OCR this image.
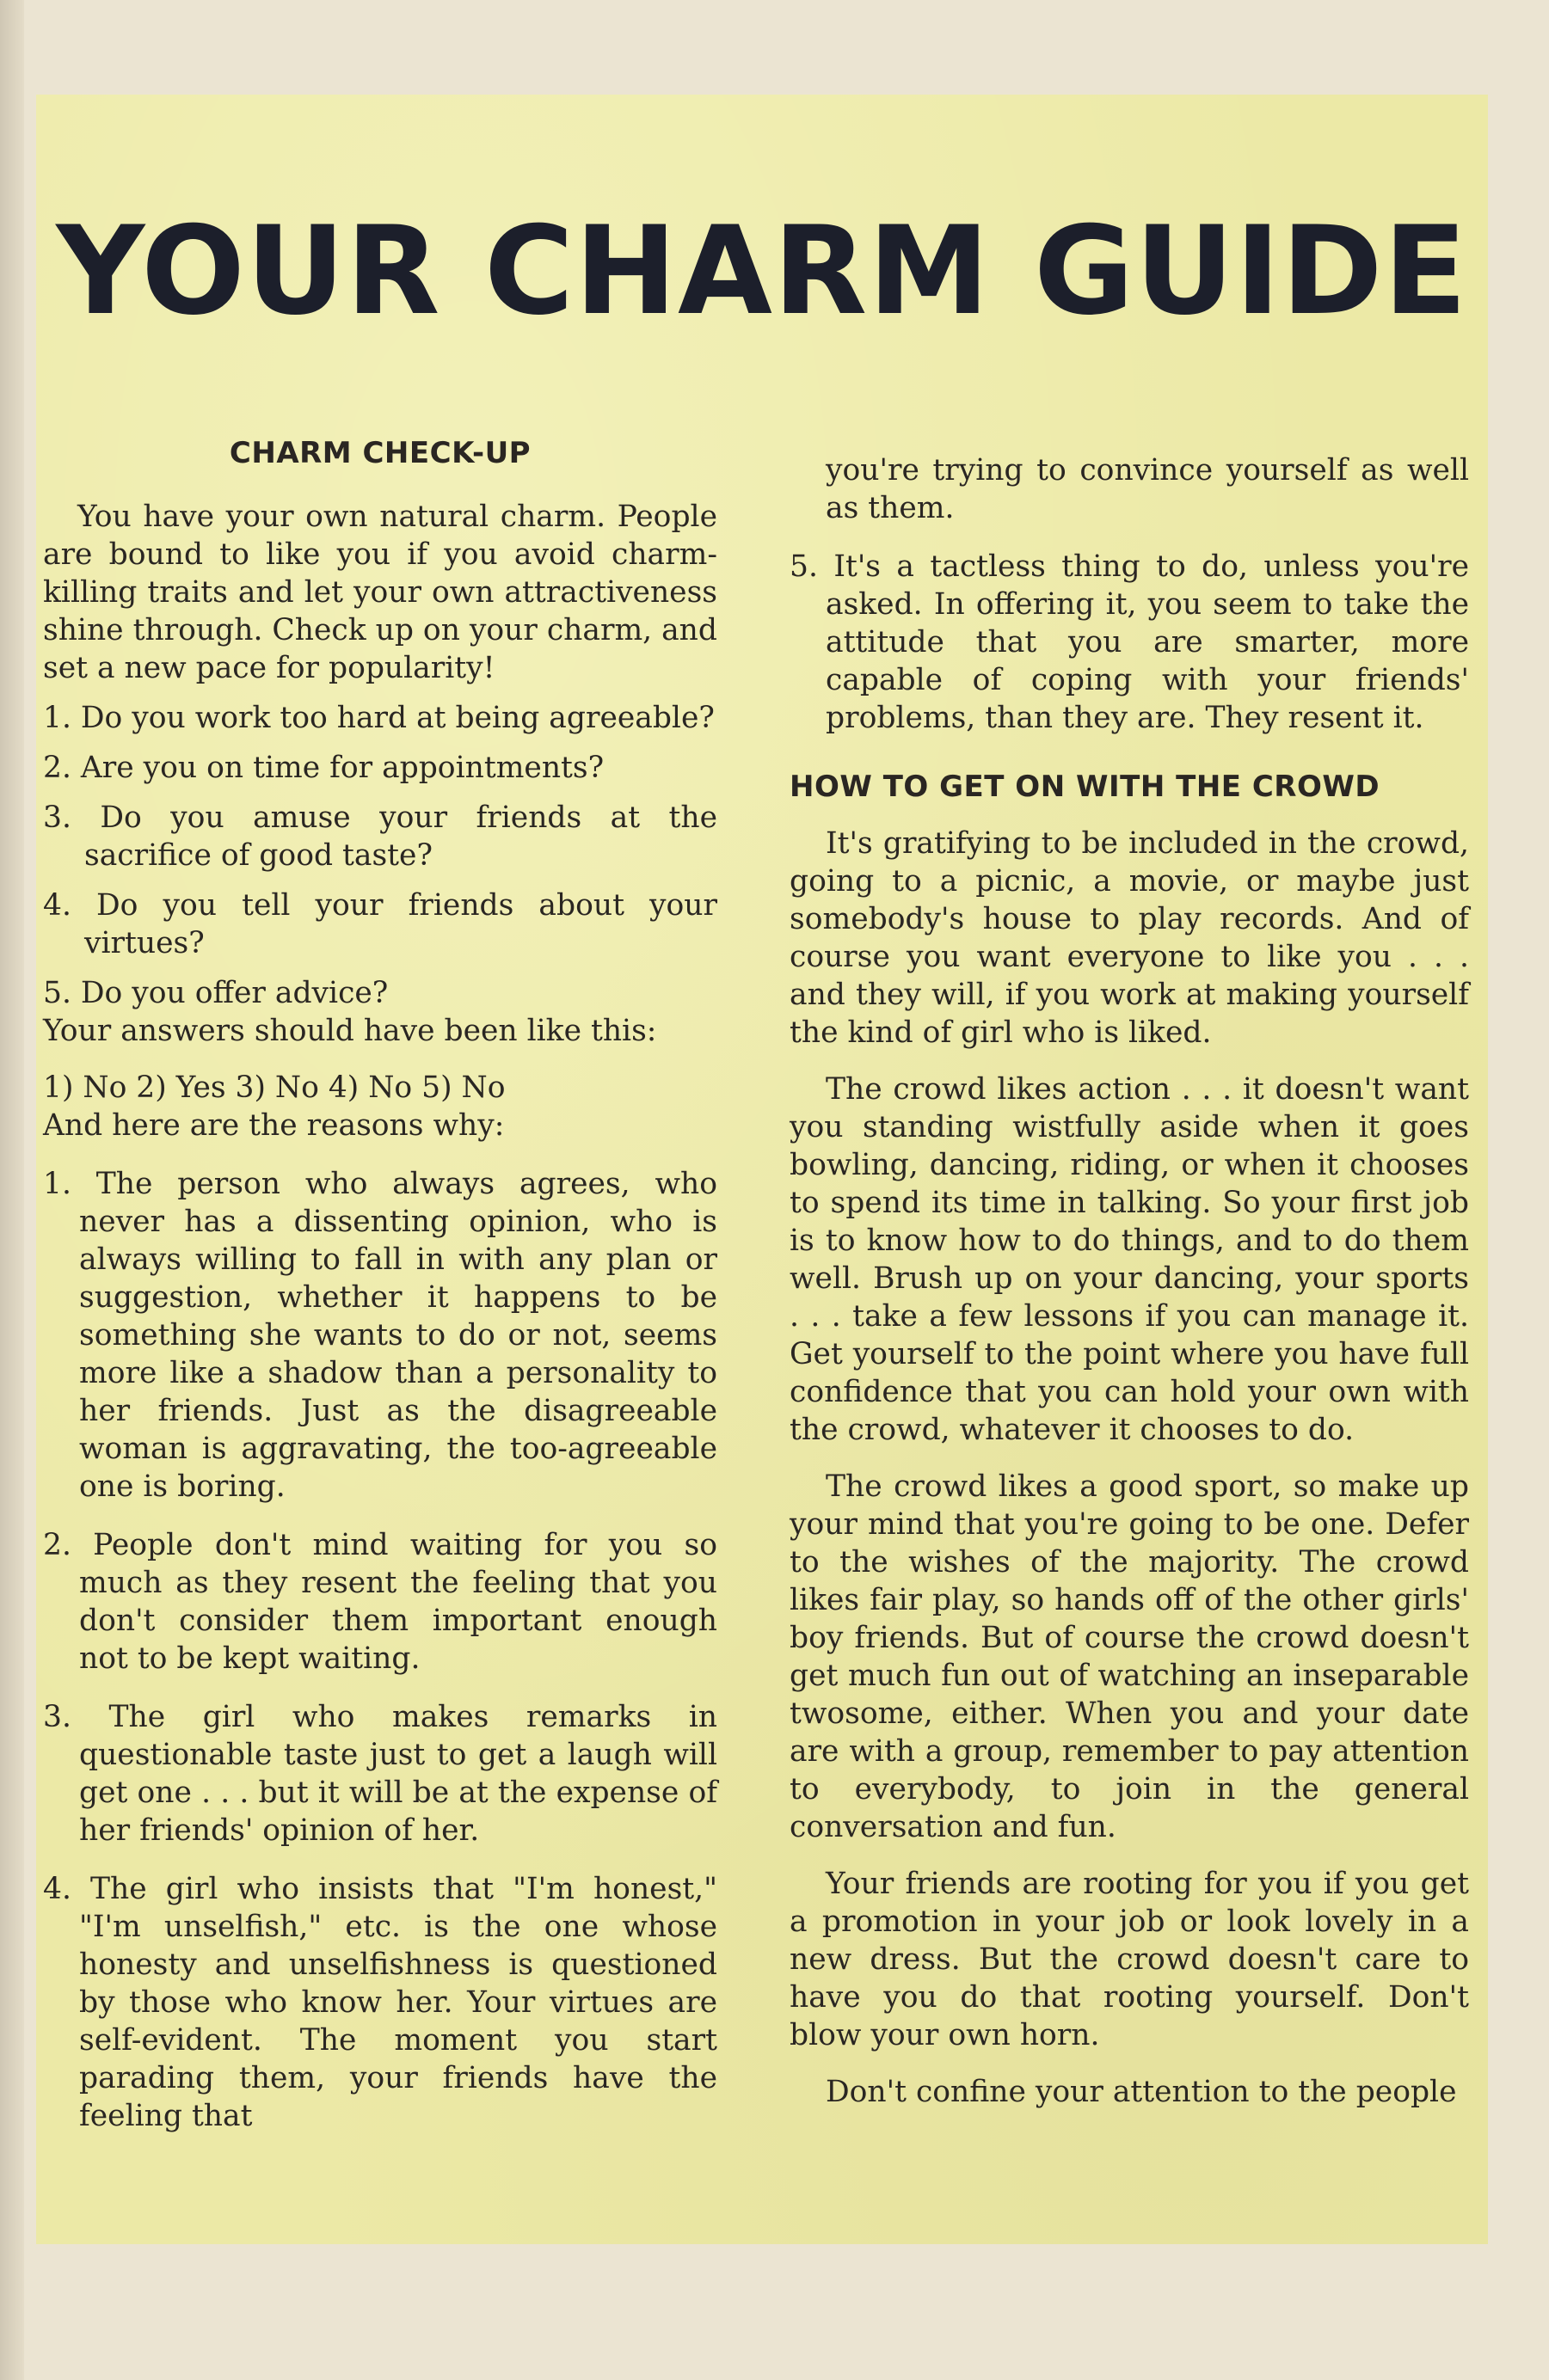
YOUR CHARM GUIDE
CHARM CHECK-UP

You have your own natural charm. People are bound to like you if you avoid charm-killing traits and let your own attractiveness shine through. Check up on your charm, and set a new pace for popularity!

1. Do you work too hard at being agreeable?

2. Are you on time for appointments?

3. Do you amuse your friends at the sacrifice of good taste?

4. Do you tell your friends about your virtues?

5. Do you offer advice?

Your answers should have been like this:

1) No 2) Yes 3) No 4) No 5) No

And here are the reasons why:

1. The person who always agrees, who never has a dissenting opinion, who is always willing to fall in with any plan or suggestion, whether it happens to be something she wants to do or not, seems more like a shadow than a personality to her friends. Just as the disagreeable woman is aggravating, the too-agreeable one is boring.

2. People don't mind waiting for you so much as they resent the feeling that you don't consider them important enough not to be kept waiting.

3. The girl who makes remarks in questionable taste just to get a laugh will get one . . . but it will be at the expense of her friends' opinion of her.

4. The girl who insists that "I'm honest," "I'm unselfish," etc. is the one whose honesty and unselfishness is questioned by those who know her. Your virtues are self-evident. The moment you start parading them, your friends have the feeling that

you're trying to convince yourself as well as them.

5. It's a tactless thing to do, unless you're asked. In offering it, you seem to take the attitude that you are smarter, more capable of coping with your friends' problems, than they are. They resent it.

HOW TO GET ON WITH THE CROWD

It's gratifying to be included in the crowd, going to a picnic, a movie, or maybe just somebody's house to play records. And of course you want everyone to like you . . . and they will, if you work at making yourself the kind of girl who is liked.

The crowd likes action . . . it doesn't want you standing wistfully aside when it goes bowling, dancing, riding, or when it chooses to spend its time in talking. So your first job is to know how to do things, and to do them well. Brush up on your dancing, your sports . . . take a few lessons if you can manage it. Get yourself to the point where you have full confidence that you can hold your own with the crowd, whatever it chooses to do.

The crowd likes a good sport, so make up your mind that you're going to be one. Defer to the wishes of the majority. The crowd likes fair play, so hands off of the other girls' boy friends. But of course the crowd doesn't get much fun out of watching an inseparable twosome, either. When you and your date are with a group, remember to pay attention to everybody, to join in the general conversation and fun.

Your friends are rooting for you if you get a promotion in your job or look lovely in a new dress. But the crowd doesn't care to have you do that rooting yourself. Don't blow your own horn.

Don't confine your attention to the people
